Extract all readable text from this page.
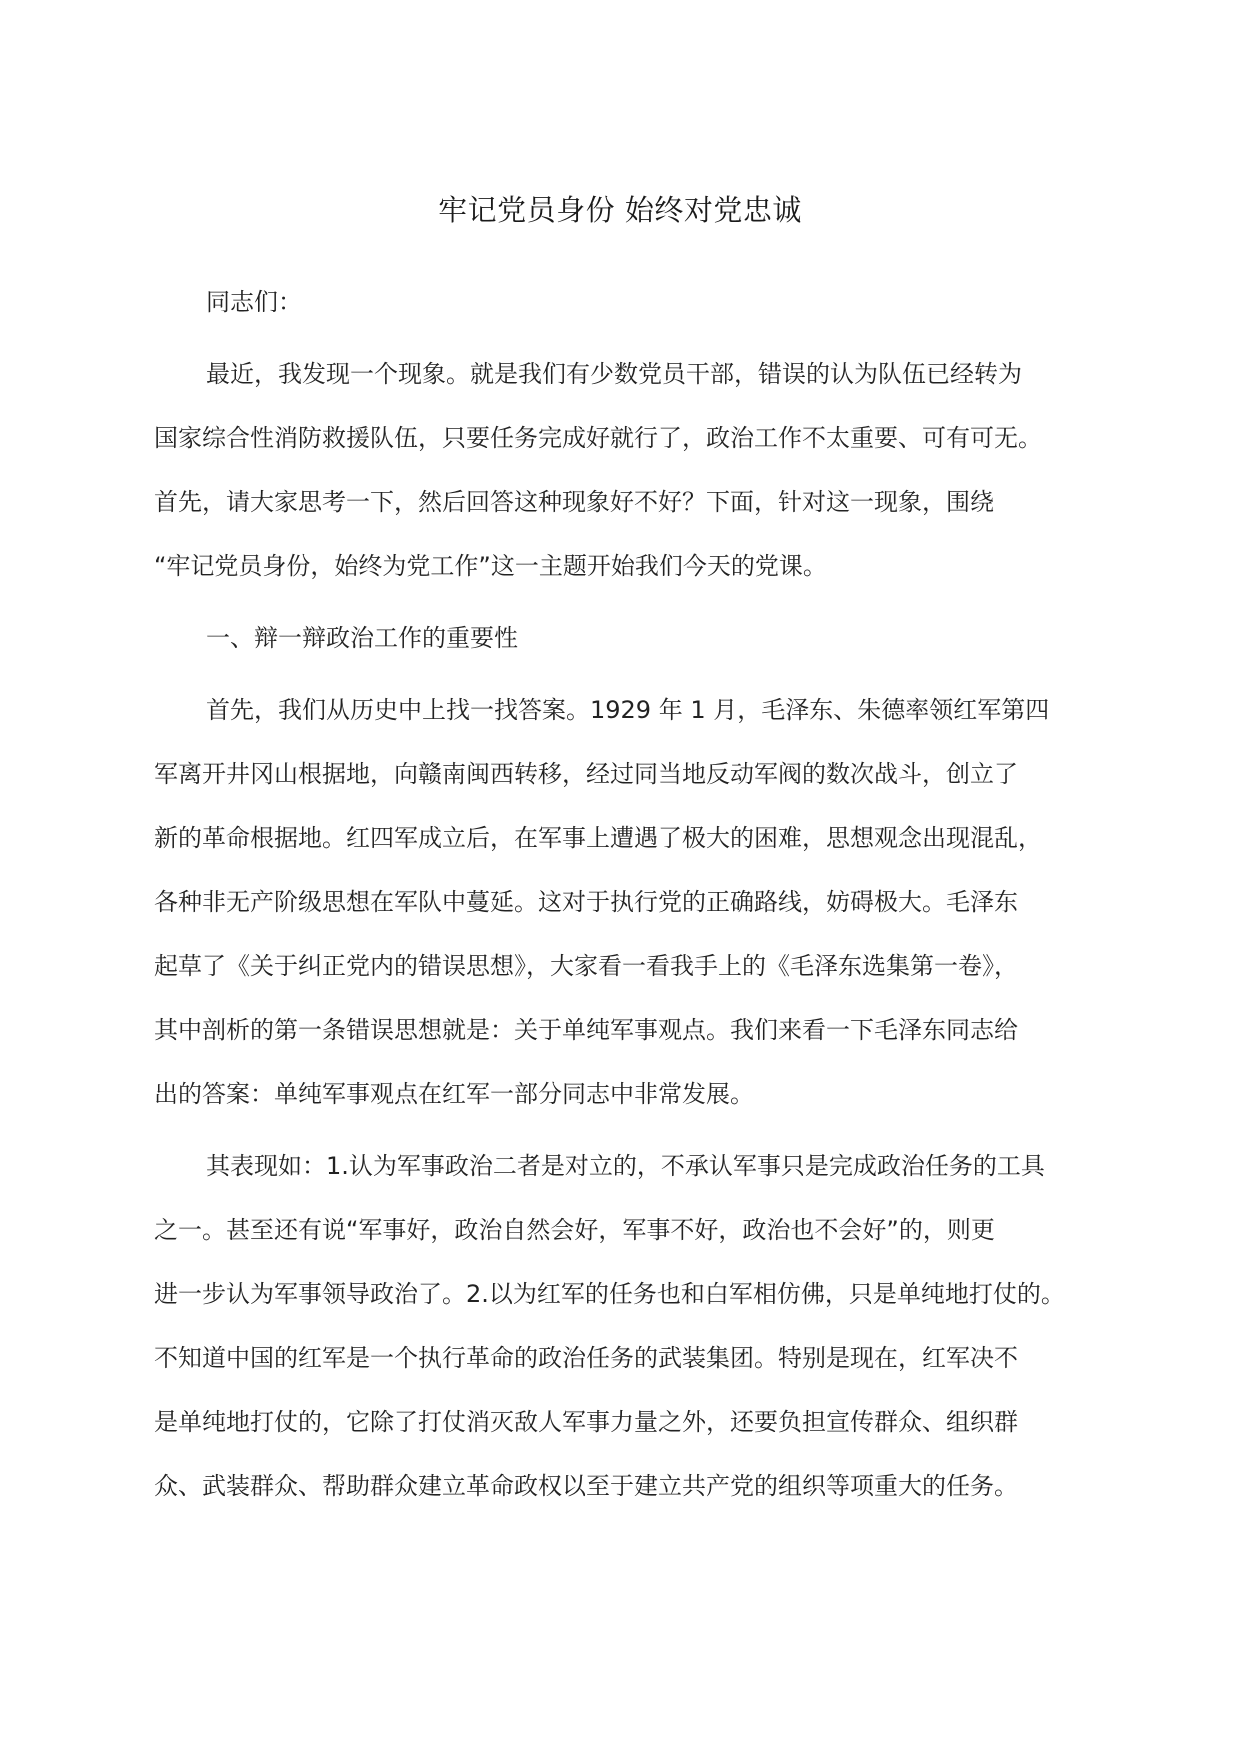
牢记党员身份 始终对党忠诚
同志们：
最近，我发现一个现象。就是我们有少数党员干部，错误的认为队伍已经转为
国家综合性消防救援队伍，只要任务完成好就行了，政治工作不太重要、可有可无。
首先，请大家思考一下，然后回答这种现象好不好？下面，针对这一现象，围绕
“牢记党员身份，始终为党工作”这一主题开始我们今天的党课。
一、辩一辩政治工作的重要性
首先，我们从历史中上找一找答案。1929 年 1 月，毛泽东、朱德率领红军第四
军离开井冈山根据地，向赣南闽西转移，经过同当地反动军阀的数次战斗，创立了
新的革命根据地。红四军成立后，在军事上遭遇了极大的困难，思想观念出现混乱，
各种非无产阶级思想在军队中蔓延。这对于执行党的正确路线，妨碍极大。毛泽东
起草了《关于纠正党内的错误思想》，大家看一看我手上的《毛泽东选集第一卷》，
其中剖析的第一条错误思想就是：关于单纯军事观点。我们来看一下毛泽东同志给
出的答案：单纯军事观点在红军一部分同志中非常发展。
其表现如：1.认为军事政治二者是对立的，不承认军事只是完成政治任务的工具
之一。甚至还有说“军事好，政治自然会好，军事不好，政治也不会好”的，则更
进一步认为军事领导政治了。2.以为红军的任务也和白军相仿佛，只是单纯地打仗的。
不知道中国的红军是一个执行革命的政治任务的武装集团。特别是现在，红军决不
是单纯地打仗的，它除了打仗消灭敌人军事力量之外，还要负担宣传群众、组织群
众、武装群众、帮助群众建立革命政权以至于建立共产党的组织等项重大的任务。
